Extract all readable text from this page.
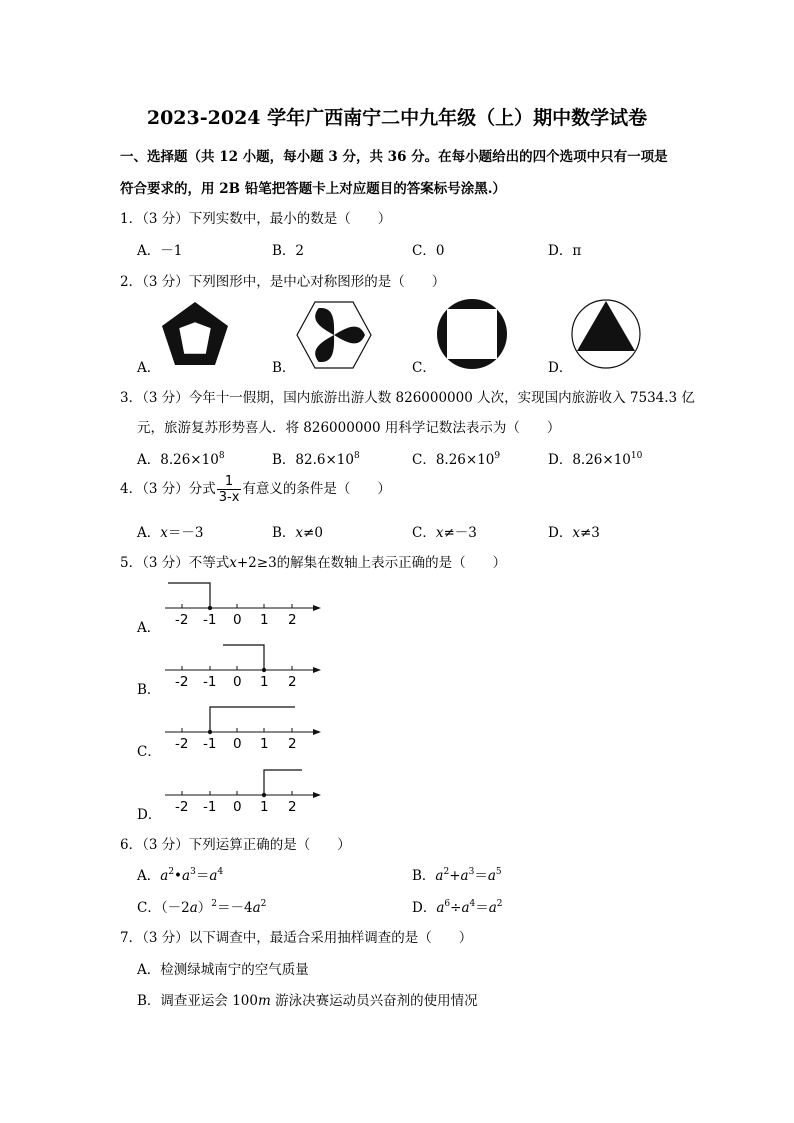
2023-2024 学年广西南宁二中九年级（上）期中数学试卷
一、选择题（共 12 小题，每小题 3 分，共 36 分。在每小题给出的四个选项中只有一项是
符合要求的，用 2B 铅笔把答题卡上对应题目的答案标号涂黑.）
1．（3 分）下列实数中，最小的数是（　　）
A．－1	B．2	C．0	D．π
2．（3 分）下列图形中，是中心对称图形的是（　　）
A．	B．	C．	D．
3．（3 分）今年十一假期，国内旅游出游人数 826000000 人次，实现国内旅游收入 7534.3 亿
元，旅游复苏形势喜人．将 826000000 用科学记数法表示为（　　）
A．$8.26\times 10^8$	B．$82.6\times 10^8$	C．$8.26\times 10^9$	D．$8.26\times 10^{10}$
4．（3 分）分式 $\frac{1}{3-x}$ 有意义的条件是（　　）
A．x＝－3	B．x≠0	C．x≠－3	D．x≠3
5．（3 分）不等式x+2≥3的解集在数轴上表示正确的是（　　）
A． -2 -1 0 1 2
B． -2 -1 0 1 2
C． -2 -1 0 1 2
D． -2 -1 0 1 2
6．（3 分）下列运算正确的是（　　）
A．$a^2•a^3=a^4$	B．$a^2+a^3=a^5$
C．$(-2a)^2=-4a^2$	D．$a^6\div a^4=a^2$
7．（3 分）以下调查中，最适合采用抽样调查的是（　　）
A．检测绿城南宁的空气质量
B．调查亚运会 100m 游泳决赛运动员兴奋剂的使用情况
